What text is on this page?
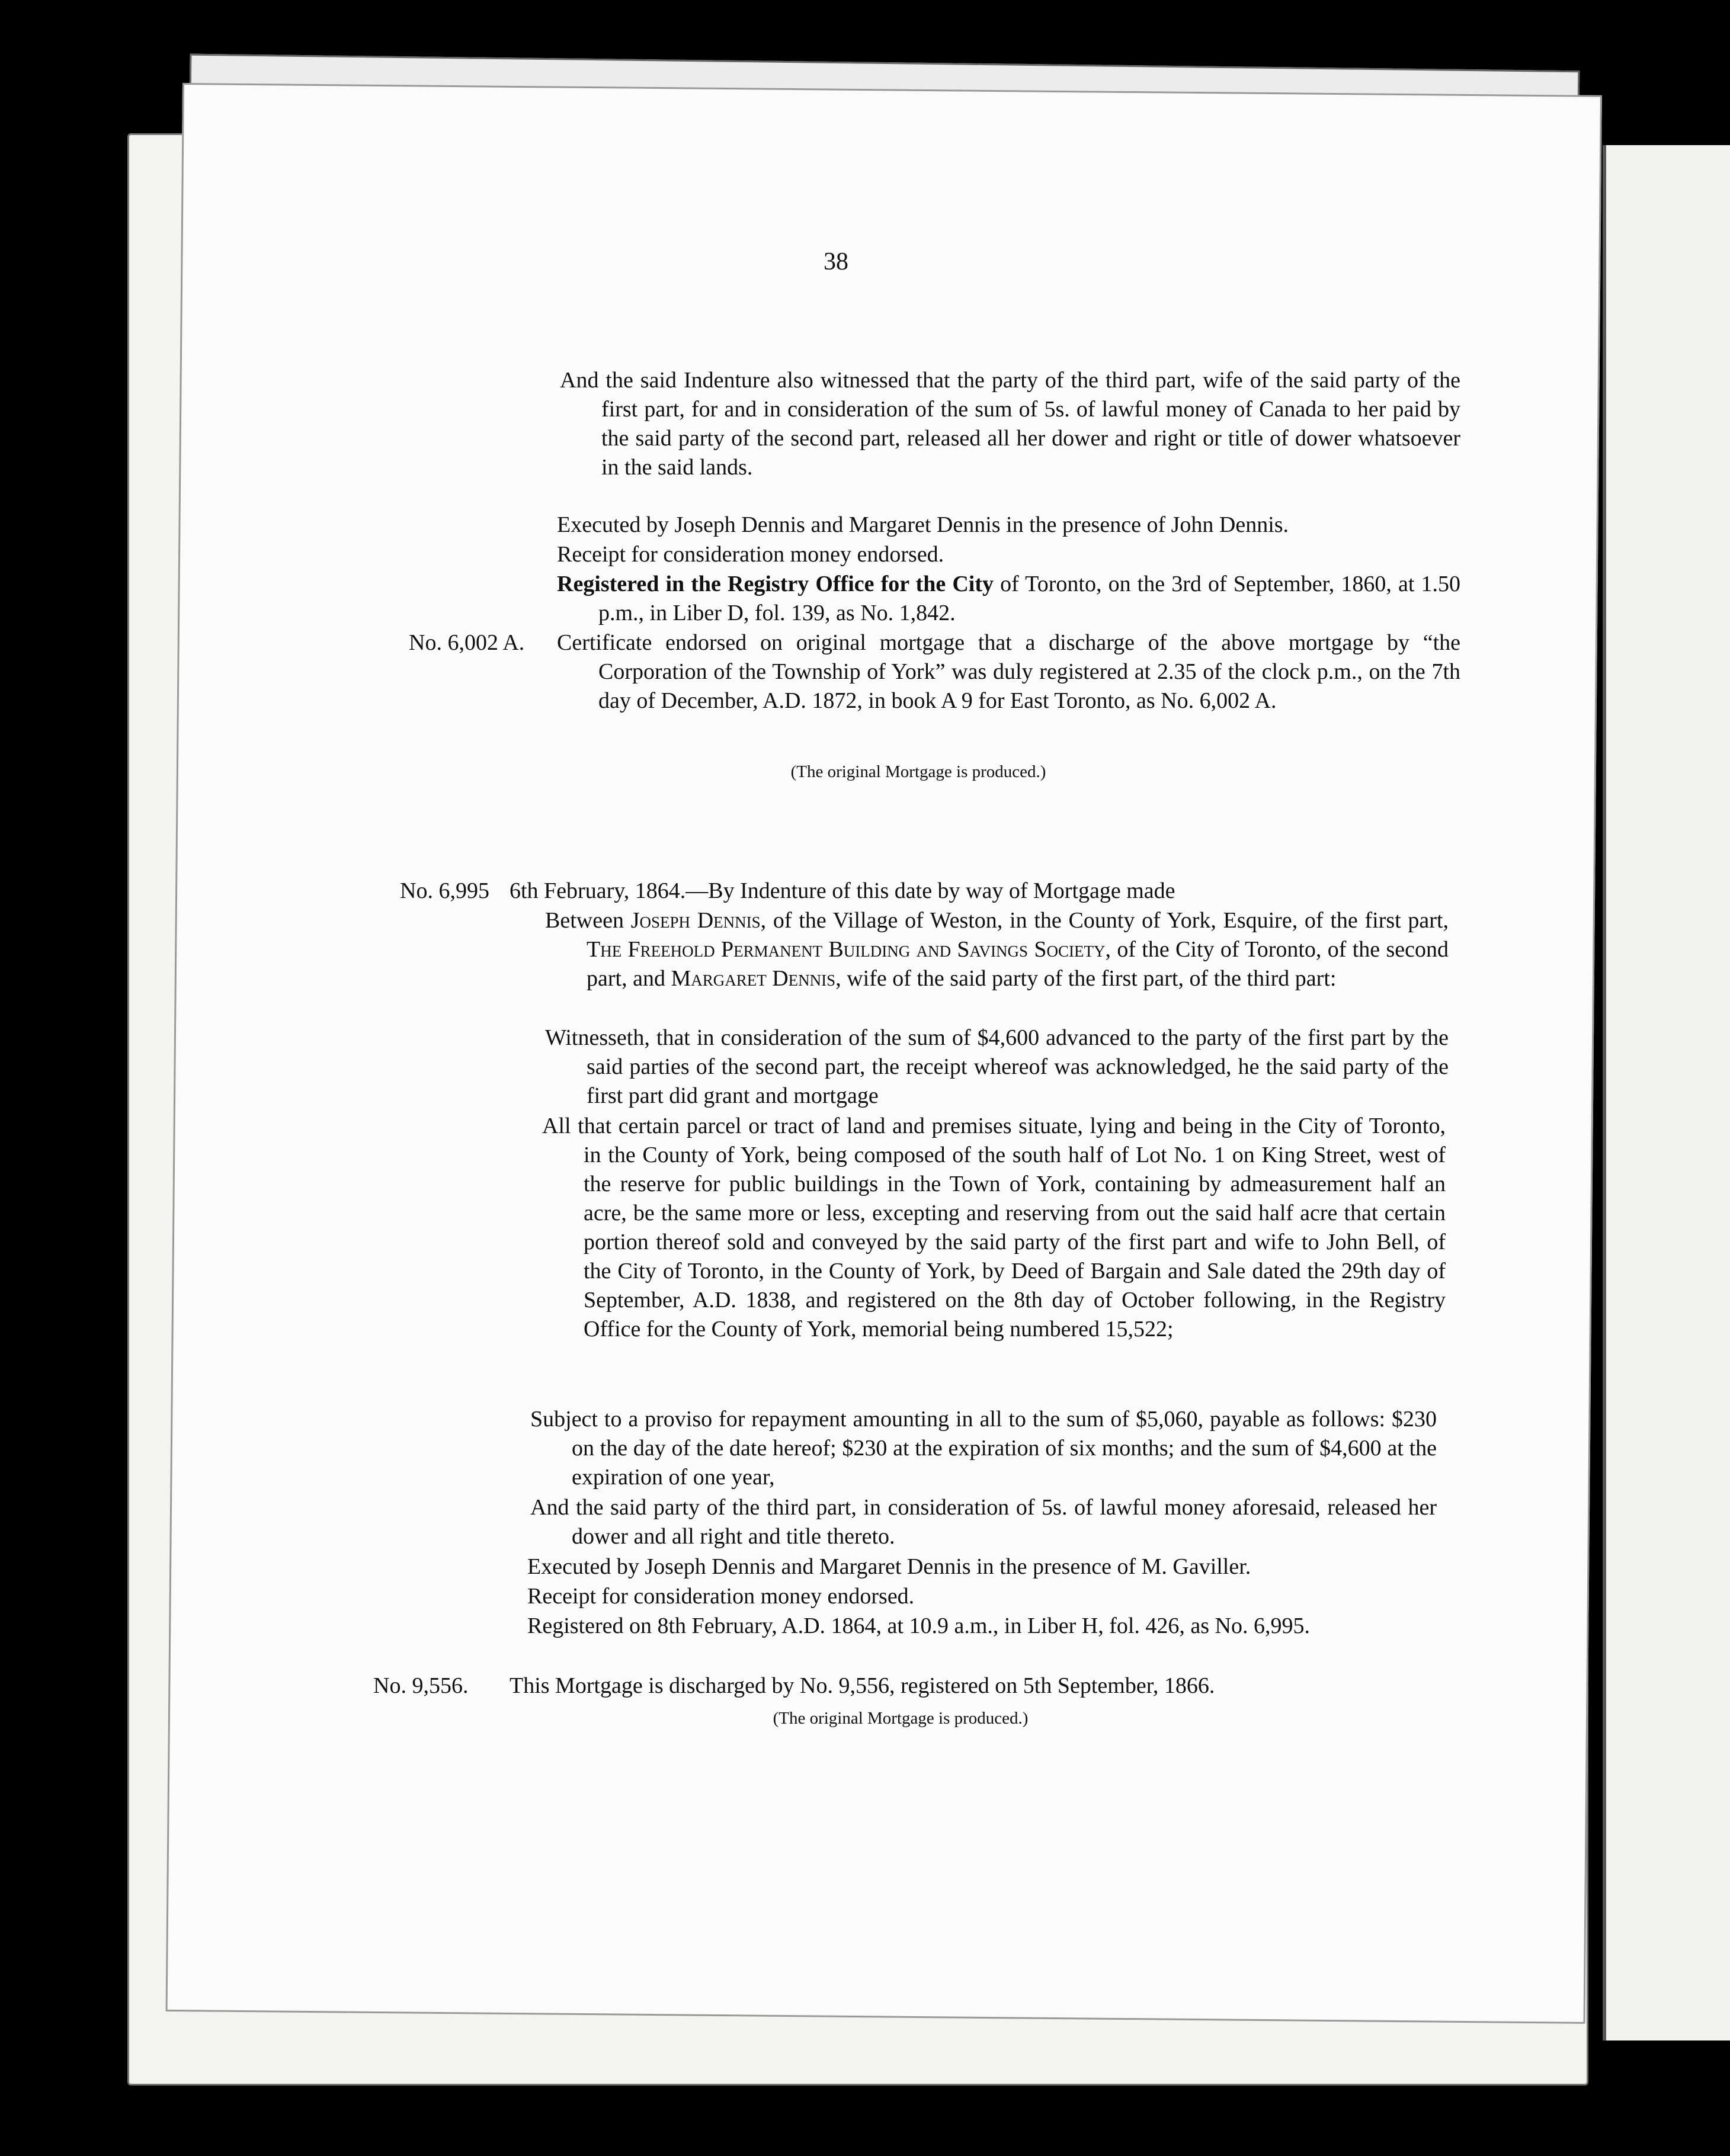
38

And the said Indenture also witnessed that the party of the third part, wife of the said party of the first part, for and in consideration of the sum of 5s. of lawful money of Canada to her paid by the said party of the second part, released all her dower and right or title of dower whatsoever in the said lands.

Executed by Joseph Dennis and Margaret Dennis in the presence of John Dennis.

Receipt for consideration money endorsed.

Registered in the Registry Office for the City of Toronto, on the 3rd of September, 1860, at 1.50 p.m., in Liber D, fol. 139, as No. 1,842.

No. 6,002 A. Certificate endorsed on original mortgage that a discharge of the above mortgage by “the Corporation of the Township of York” was duly registered at 2.35 of the clock p.m., on the 7th day of December, A.D. 1872, in book A 9 for East Toronto, as No. 6,002 A.

(The original Mortgage is produced.)
No. 6,995 6th February, 1864.—By Indenture of this date by way of Mortgage made

Between Joseph Dennis, of the Village of Weston, in the County of York, Esquire, of the first part, The Freehold Permanent Building and Savings Society, of the City of Toronto, of the second part, and Margaret Dennis, wife of the said party of the first part, of the third part:

Witnesseth, that in consideration of the sum of $4,600 advanced to the party of the first part by the said parties of the second part, the receipt whereof was acknowledged, he the said party of the first part did grant and mortgage

All that certain parcel or tract of land and premises situate, lying and being in the City of Toronto, in the County of York, being composed of the south half of Lot No. 1 on King Street, west of the reserve for public buildings in the Town of York, containing by admeasurement half an acre, be the same more or less, excepting and reserving from out the said half acre that certain portion thereof sold and conveyed by the said party of the first part and wife to John Bell, of the City of Toronto, in the County of York, by Deed of Bargain and Sale dated the 29th day of September, A.D. 1838, and registered on the 8th day of October following, in the Registry Office for the County of York, memorial being numbered 15,522;

Subject to a proviso for repayment amounting in all to the sum of $5,060, payable as follows: $230 on the day of the date hereof; $230 at the expiration of six months; and the sum of $4,600 at the expiration of one year,

And the said party of the third part, in consideration of 5s. of lawful money aforesaid, released her dower and all right and title thereto.

Executed by Joseph Dennis and Margaret Dennis in the presence of M. Gaviller.

Receipt for consideration money endorsed.

Registered on 8th February, A.D. 1864, at 10.9 a.m., in Liber H, fol. 426, as No. 6,995.

No. 9,556. This Mortgage is discharged by No. 9,556, registered on 5th September, 1866.

(The original Mortgage is produced.)
